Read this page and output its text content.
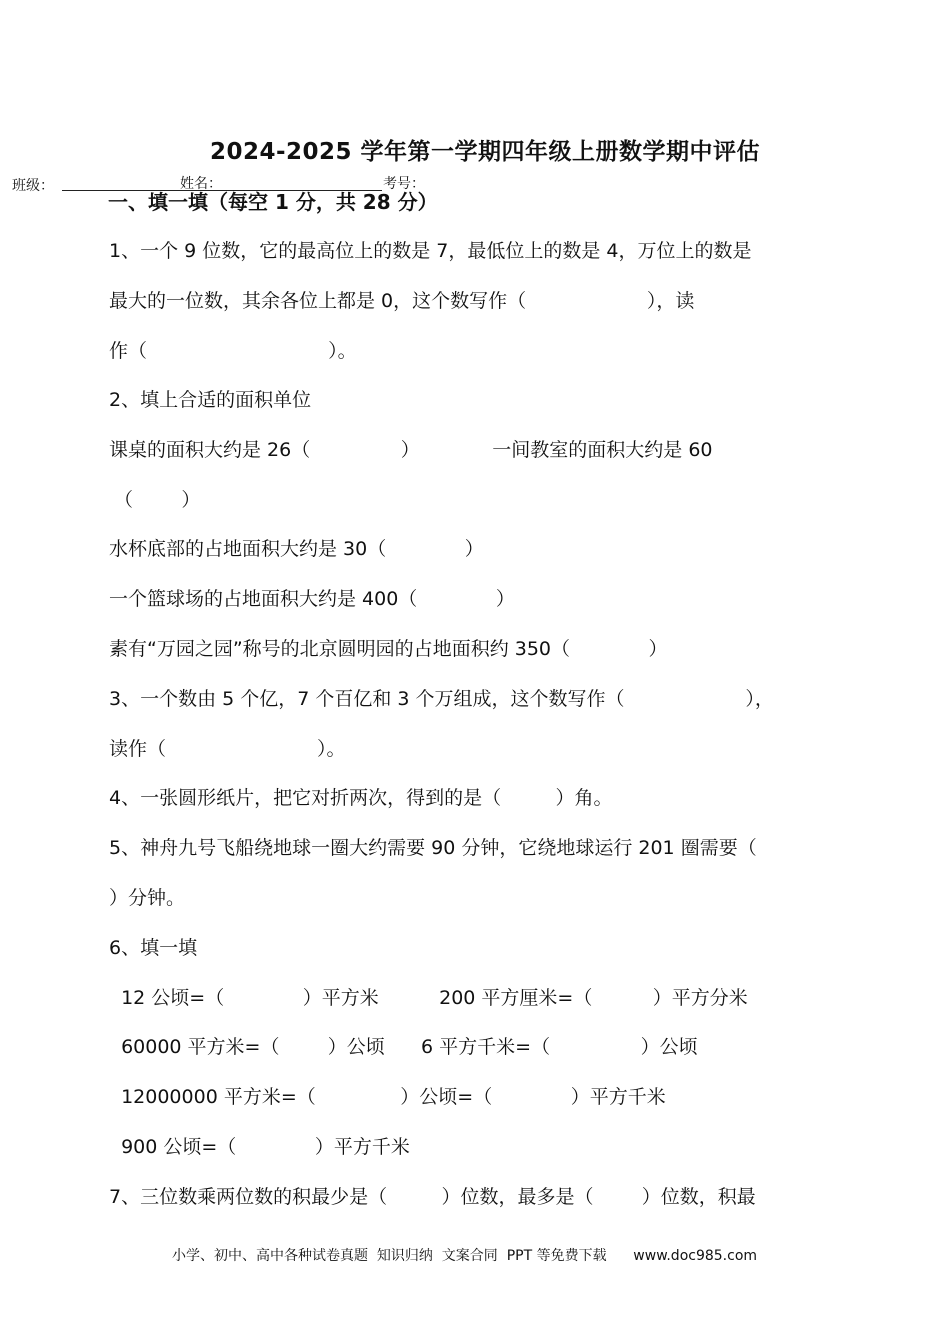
2024-2025 学年第一学期四年级上册数学期中评估
班级：	姓名：	考号：
一、填一填（每空 1 分，共 28 分）
1、一个 9 位数，它的最高位上的数是 7，最低位上的数是 4，万位上的数是
最大的一位数，其余各位上都是 0，这个数写作（                    ），读
作（                              ）。
2、填上合适的面积单位
课桌的面积大约是 26（               ）            一间教室的面积大约是 60
（        ）
水杯底部的占地面积大约是 30（             ）
一个篮球场的占地面积大约是 400（             ）
素有“万园之园”称号的北京圆明园的占地面积约 350（             ）
3、一个数由 5 个亿，7 个百亿和 3 个万组成，这个数写作（                    ），
读作（                         ）。
4、一张圆形纸片，把它对折两次，得到的是（         ）角。
5、神舟九号飞船绕地球一圈大约需要 90 分钟，它绕地球运行 201 圈需要（
）分钟。
6、填一填
12 公顷=（             ）平方米          200 平方厘米=（          ）平方分米
60000 平方米=（        ）公顷      6 平方千米=（               ）公顷
12000000 平方米=（              ）公顷=（             ）平方千米
900 公顷=（             ）平方千米
7、三位数乘两位数的积最少是（         ）位数，最多是（        ）位数，积最
小学、初中、高中各种试卷真题  知识归纳  文案合同  PPT 等免费下载      www.doc985.com
